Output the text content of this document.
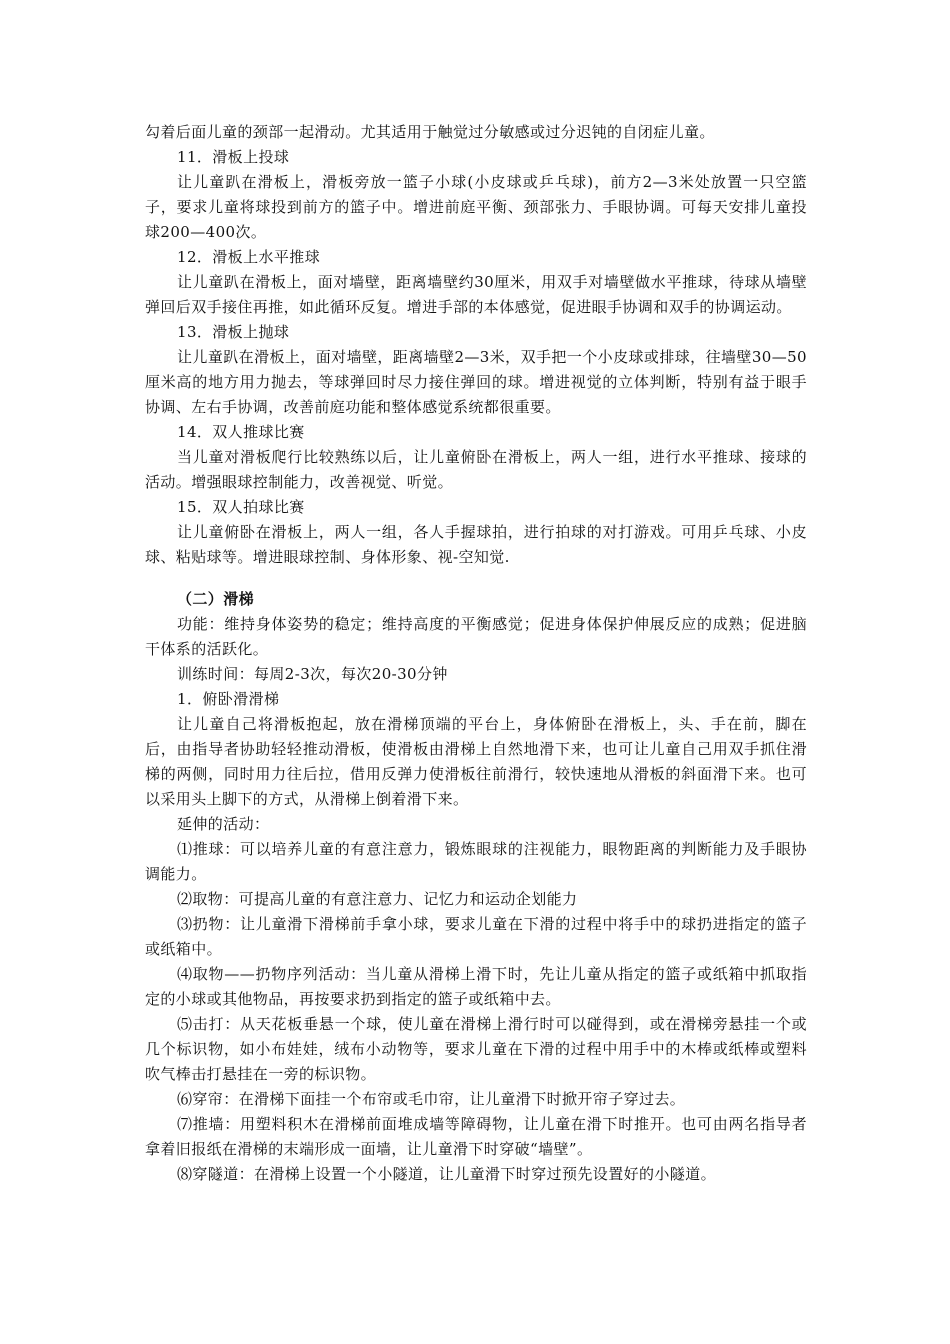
勾着后面儿童的颈部一起滑动。尤其适用于触觉过分敏感或过分迟钝的自闭症儿童。

11．滑板上投球

让儿童趴在滑板上，滑板旁放一篮子小球(小皮球或乒乓球)，前方2—3米处放置一只空篮子，要求儿童将球投到前方的篮子中。增进前庭平衡、颈部张力、手眼协调。可每天安排儿童投球200—400次。

12．滑板上水平推球

让儿童趴在滑板上，面对墙壁，距离墙壁约30厘米，用双手对墙壁做水平推球，待球从墙壁弹回后双手接住再推，如此循环反复。增进手部的本体感觉，促进眼手协调和双手的协调运动。

13．滑板上抛球

让儿童趴在滑板上，面对墙壁，距离墙壁2—3米，双手把一个小皮球或排球，往墙壁30—50厘米高的地方用力抛去，等球弹回时尽力接住弹回的球。增进视觉的立体判断，特别有益于眼手协调、左右手协调，改善前庭功能和整体感觉系统都很重要。

14．双人推球比赛

当儿童对滑板爬行比较熟练以后，让儿童俯卧在滑板上，两人一组，进行水平推球、接球的活动。增强眼球控制能力，改善视觉、听觉。

15．双人拍球比赛

让儿童俯卧在滑板上，两人一组，各人手握球拍，进行拍球的对打游戏。可用乒乓球、小皮球、粘贴球等。增进眼球控制、身体形象、视-空知觉.

（二）滑梯

功能：维持身体姿势的稳定；维持高度的平衡感觉；促进身体保护伸展反应的成熟；促进脑干体系的活跃化。

训练时间：每周2-3次，每次20-30分钟

1．俯卧滑滑梯

让儿童自己将滑板抱起，放在滑梯顶端的平台上，身体俯卧在滑板上，头、手在前，脚在后，由指导者协助轻轻推动滑板，使滑板由滑梯上自然地滑下来，也可让儿童自己用双手抓住滑梯的两侧，同时用力往后拉，借用反弹力使滑板往前滑行，较快速地从滑板的斜面滑下来。也可以采用头上脚下的方式，从滑梯上倒着滑下来。

延伸的活动：

⑴推球：可以培养儿童的有意注意力，锻炼眼球的注视能力，眼物距离的判断能力及手眼协调能力。

⑵取物：可提高儿童的有意注意力、记忆力和运动企划能力

⑶扔物：让儿童滑下滑梯前手拿小球，要求儿童在下滑的过程中将手中的球扔进指定的篮子或纸箱中。

⑷取物——扔物序列活动：当儿童从滑梯上滑下时，先让儿童从指定的篮子或纸箱中抓取指定的小球或其他物品，再按要求扔到指定的篮子或纸箱中去。

⑸击打：从天花板垂悬一个球，使儿童在滑梯上滑行时可以碰得到，或在滑梯旁悬挂一个或几个标识物，如小布娃娃，绒布小动物等，要求儿童在下滑的过程中用手中的木棒或纸棒或塑料吹气棒击打悬挂在一旁的标识物。

⑹穿帘：在滑梯下面挂一个布帘或毛巾帘，让儿童滑下时掀开帘子穿过去。

⑺推墙：用塑料积木在滑梯前面堆成墙等障碍物，让儿童在滑下时推开。也可由两名指导者拿着旧报纸在滑梯的末端形成一面墙，让儿童滑下时穿破“墙壁”。

⑻穿隧道：在滑梯上设置一个小隧道，让儿童滑下时穿过预先设置好的小隧道。
